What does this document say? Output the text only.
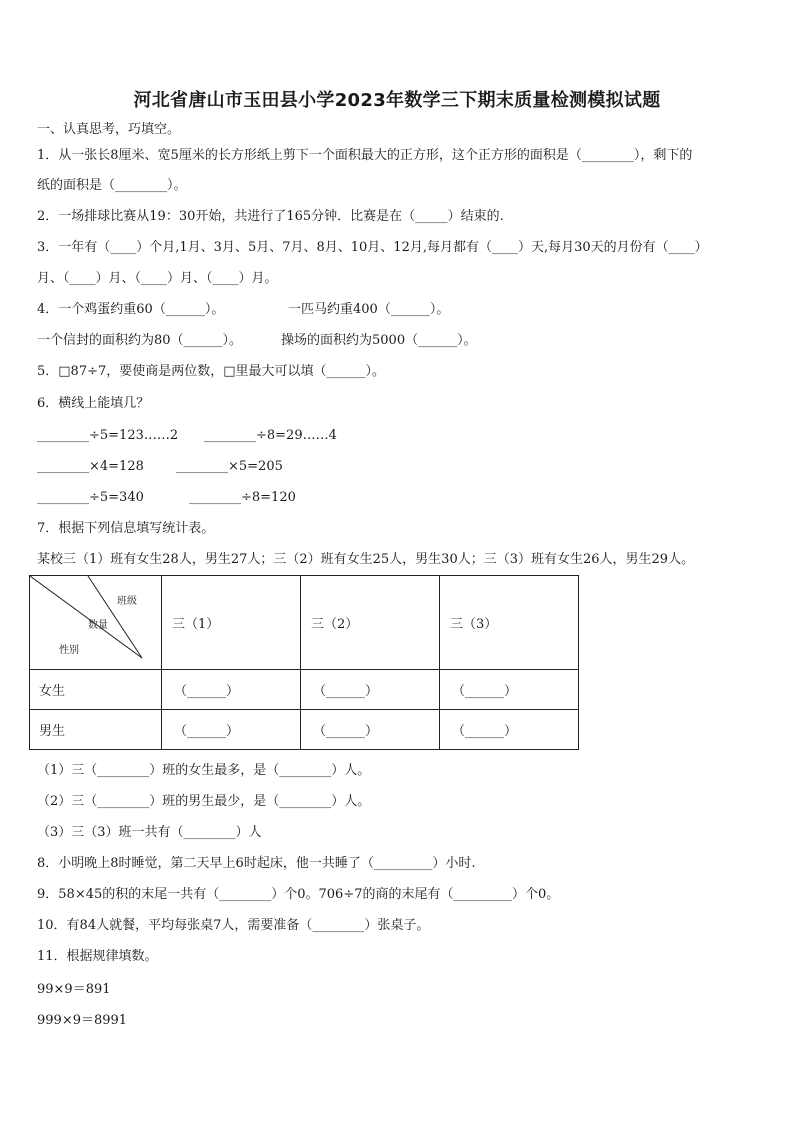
河北省唐山市玉田县小学2023年数学三下期末质量检测模拟试题
一、认真思考，巧填空。
1．从一张长8厘米、宽5厘米的长方形纸上剪下一个面积最大的正方形，这个正方形的面积是（________），剩下的
纸的面积是（________）。
2．一场排球比赛从19：30开始，共进行了165分钟．比赛是在（_____）结束的.
3．一年有（____）个月,1月、3月、5月、7月、8月、10月、12月,每月都有（____）天,每月30天的月份有（____）
月、（____）月、（____）月、（____）月。
4．一个鸡蛋约重60（______）。	一匹马约重400（______）。
一个信封的面积约为80（______）。	操场的面积约为5000（______）。
5．□87÷7，要使商是两位数，□里最大可以填（______）。
6．横线上能填几？
________÷5=123……2 ________÷8=29……4
________×4=128 ________×5=205
________÷5=340	________÷8=120
7．根据下列信息填写统计表。
某校三（1）班有女生28人，男生27人；三（2）班有女生25人，男生30人；三（3）班有女生26人，男生29人。
班级
数量
性别	三（1）	三（2）	三（3）
女生	（______）	（______）	（______）
男生	（______）	（______）	（______）
（1）三（________）班的女生最多，是（________）人。
（2）三（________）班的男生最少，是（________）人。
（3）三（3）班一共有（________）人
8．小明晚上8时睡觉，第二天早上6时起床，他一共睡了（_________）小时.
9．58×45的积的末尾一共有（________）个0。706÷7的商的末尾有（_________）个0。
10．有84人就餐，平均每张桌7人，需要准备（________）张桌子。
11．根据规律填数。
99×9＝891
999×9＝8991
